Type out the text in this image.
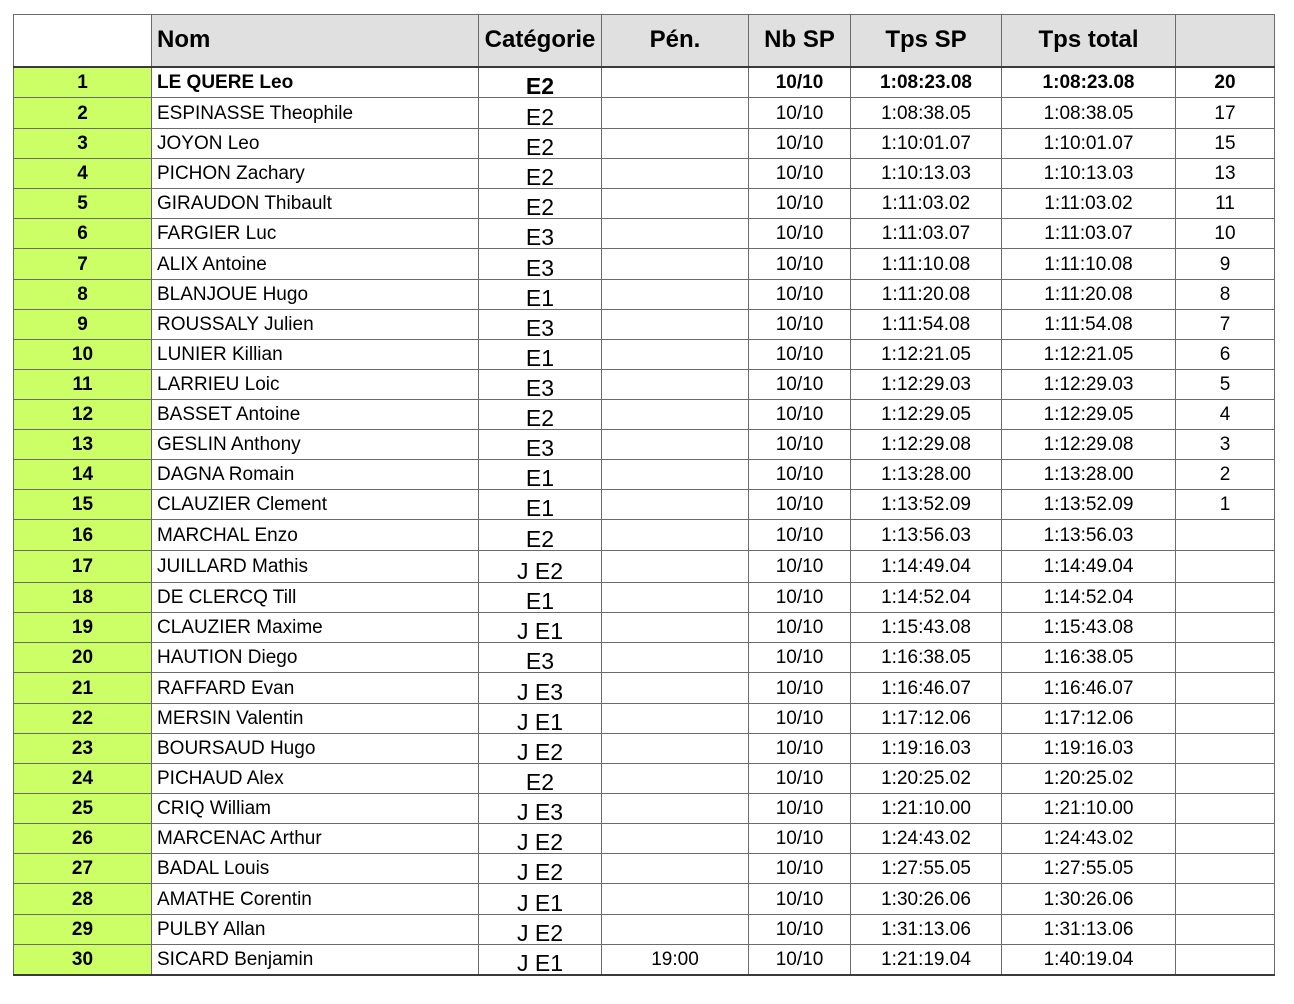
	Nom	Catégorie	Pén.	Nb SP	Tps SP	Tps total	
1	LE QUERE Leo	E2		10/10	1:08:23.08	1:08:23.08	20
2	ESPINASSE Theophile	E2		10/10	1:08:38.05	1:08:38.05	17
3	JOYON Leo	E2		10/10	1:10:01.07	1:10:01.07	15
4	PICHON Zachary	E2		10/10	1:10:13.03	1:10:13.03	13
5	GIRAUDON Thibault	E2		10/10	1:11:03.02	1:11:03.02	11
6	FARGIER Luc	E3		10/10	1:11:03.07	1:11:03.07	10
7	ALIX Antoine	E3		10/10	1:11:10.08	1:11:10.08	9
8	BLANJOUE Hugo	E1		10/10	1:11:20.08	1:11:20.08	8
9	ROUSSALY Julien	E3		10/10	1:11:54.08	1:11:54.08	7
10	LUNIER Killian	E1		10/10	1:12:21.05	1:12:21.05	6
11	LARRIEU Loic	E3		10/10	1:12:29.03	1:12:29.03	5
12	BASSET Antoine	E2		10/10	1:12:29.05	1:12:29.05	4
13	GESLIN Anthony	E3		10/10	1:12:29.08	1:12:29.08	3
14	DAGNA Romain	E1		10/10	1:13:28.00	1:13:28.00	2
15	CLAUZIER Clement	E1		10/10	1:13:52.09	1:13:52.09	1
16	MARCHAL Enzo	E2		10/10	1:13:56.03	1:13:56.03	
17	JUILLARD Mathis	J E2		10/10	1:14:49.04	1:14:49.04	
18	DE CLERCQ Till	E1		10/10	1:14:52.04	1:14:52.04	
19	CLAUZIER Maxime	J E1		10/10	1:15:43.08	1:15:43.08	
20	HAUTION Diego	E3		10/10	1:16:38.05	1:16:38.05	
21	RAFFARD Evan	J E3		10/10	1:16:46.07	1:16:46.07	
22	MERSIN Valentin	J E1		10/10	1:17:12.06	1:17:12.06	
23	BOURSAUD Hugo	J E2		10/10	1:19:16.03	1:19:16.03	
24	PICHAUD Alex	E2		10/10	1:20:25.02	1:20:25.02	
25	CRIQ William	J E3		10/10	1:21:10.00	1:21:10.00	
26	MARCENAC Arthur	J E2		10/10	1:24:43.02	1:24:43.02	
27	BADAL Louis	J E2		10/10	1:27:55.05	1:27:55.05	
28	AMATHE Corentin	J E1		10/10	1:30:26.06	1:30:26.06	
29	PULBY Allan	J E2		10/10	1:31:13.06	1:31:13.06	
30	SICARD Benjamin	J E1	19:00	10/10	1:21:19.04	1:40:19.04	
